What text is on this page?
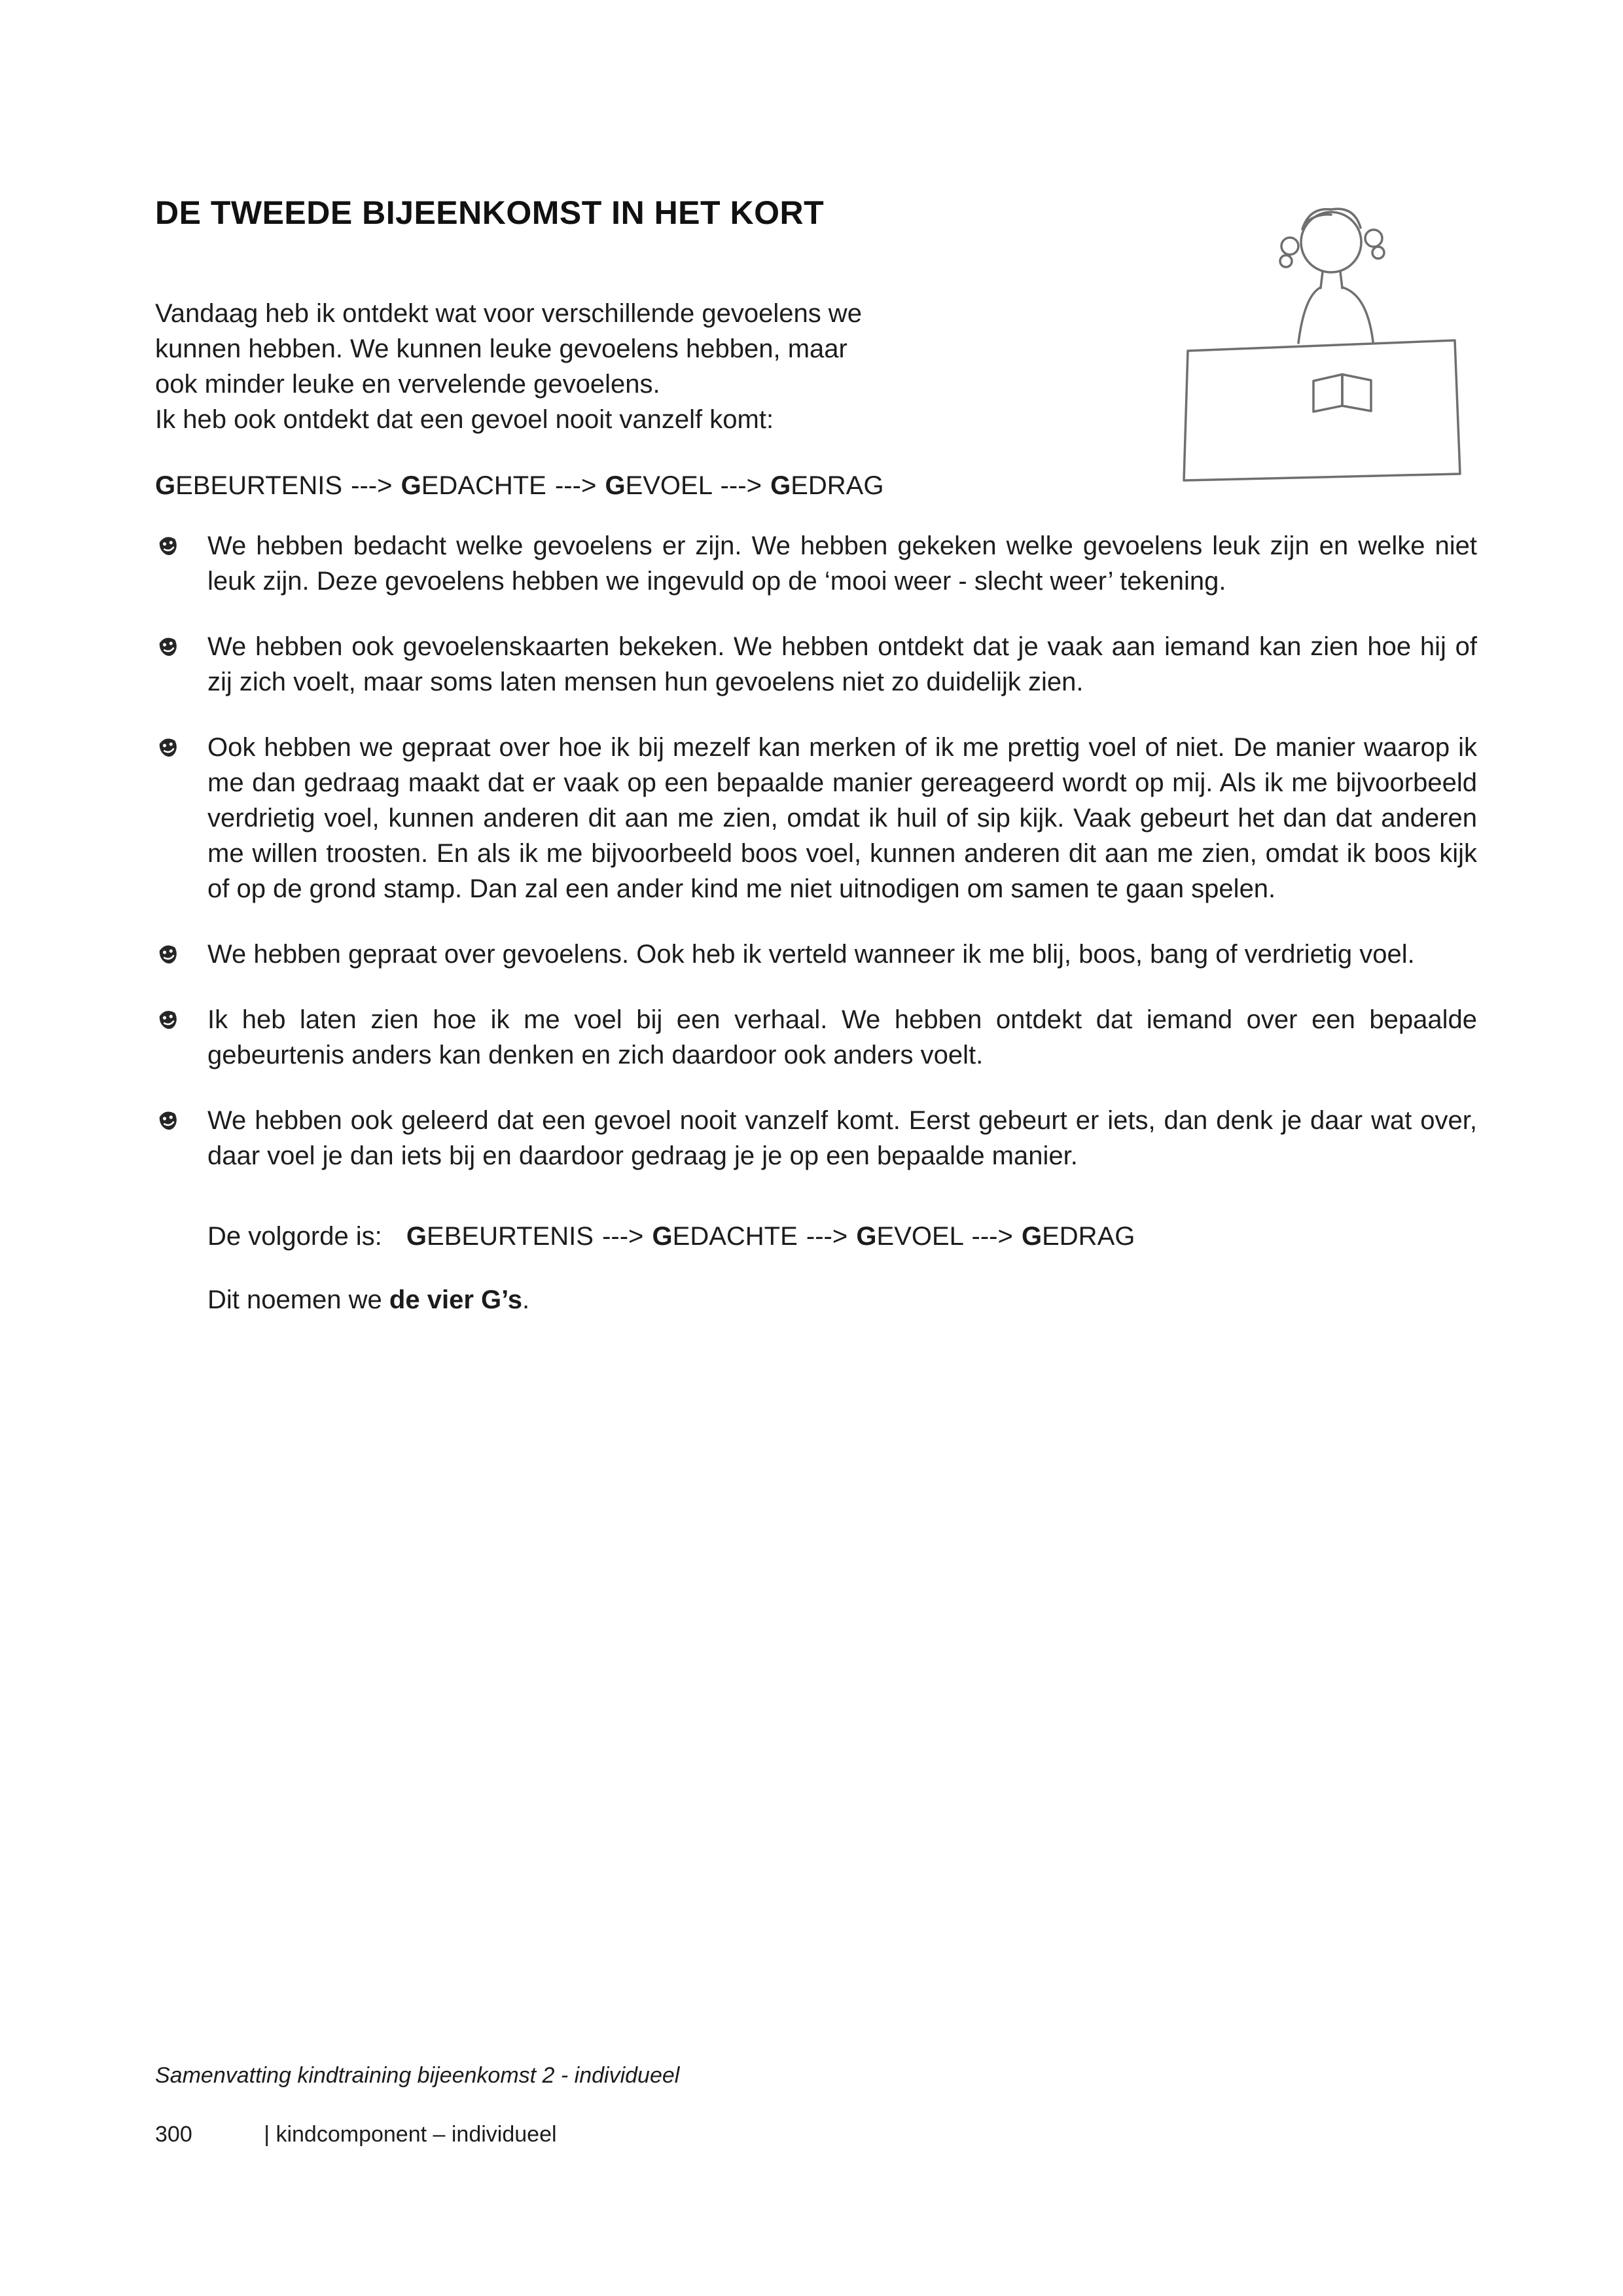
DE TWEEDE BIJEENKOMST IN HET KORT
Vandaag heb ik ontdekt wat voor verschillende gevoelens we
kunnen hebben. We kunnen leuke gevoelens hebben, maar
ook minder leuke en vervelende gevoelens.
Ik heb ook ontdekt dat een gevoel nooit vanzelf komt:
GEBEURTENIS ---> GEDACHTE ---> GEVOEL ---> GEDRAG

We hebben bedacht welke gevoelens er zijn. We hebben gekeken welke gevoelens leuk zijn en welke niet leuk zijn. Deze gevoelens hebben we ingevuld op de ‘mooi weer - slecht weer’ tekening.

We hebben ook gevoelenskaarten bekeken. We hebben ontdekt dat je vaak aan iemand kan zien hoe hij of zij zich voelt, maar soms laten mensen hun gevoelens niet zo duidelijk zien.

Ook hebben we gepraat over hoe ik bij mezelf kan merken of ik me prettig voel of niet. De manier waarop ik me dan gedraag maakt dat er vaak op een bepaalde manier gereageerd wordt op mij. Als ik me bijvoorbeeld verdrietig voel, kunnen anderen dit aan me zien, omdat ik huil of sip kijk. Vaak gebeurt het dan dat anderen me willen troosten. En als ik me bijvoorbeeld boos voel, kunnen anderen dit aan me zien, omdat ik boos kijk of op de grond stamp. Dan zal een ander kind me niet uitnodigen om samen te gaan spelen.

We hebben gepraat over gevoelens. Ook heb ik verteld wanneer ik me blij, boos, bang of verdrietig voel.

Ik heb laten zien hoe ik me voel bij een verhaal. We hebben ontdekt dat iemand over een bepaalde gebeurtenis anders kan denken en zich daardoor ook anders voelt.

We hebben ook geleerd dat een gevoel nooit vanzelf komt. Eerst gebeurt er iets, dan denk je daar wat over, daar voel je dan iets bij en daardoor gedraag je je op een bepaalde manier.

De volgorde is: GEBEURTENIS ---> GEDACHTE ---> GEVOEL ---> GEDRAG

Dit noemen we de vier G’s.

Samenvatting kindtraining bijeenkomst 2 - individueel
300	| kindcomponent – individueel
